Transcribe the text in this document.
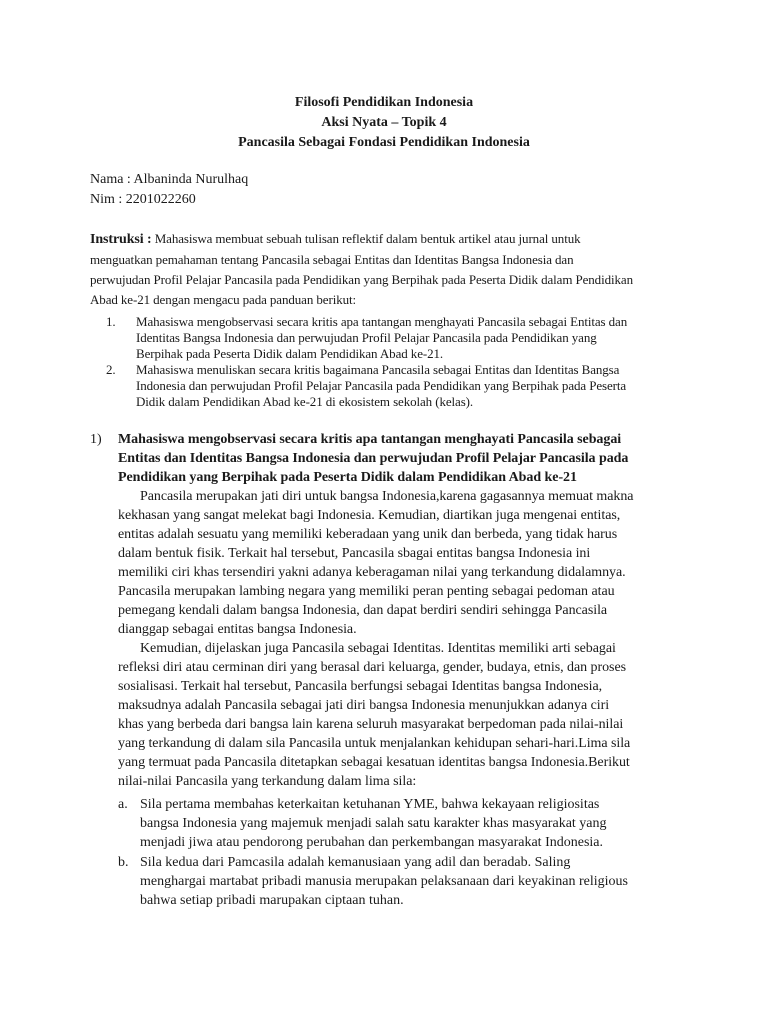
Filosofi Pendidikan Indonesia
Aksi Nyata – Topik 4
Pancasila Sebagai Fondasi Pendidikan Indonesia
Nama : Albaninda Nurulhaq
Nim : 2201022260
Instruksi : Mahasiswa membuat sebuah tulisan reflektif dalam bentuk artikel atau jurnal untuk
menguatkan pemahaman tentang Pancasila sebagai Entitas dan Identitas Bangsa Indonesia dan
perwujudan Profil Pelajar Pancasila pada Pendidikan yang Berpihak pada Peserta Didik dalam Pendidikan
Abad ke-21 dengan mengacu pada panduan berikut:
1. Mahasiswa mengobservasi secara kritis apa tantangan menghayati Pancasila sebagai Entitas dan
Identitas Bangsa Indonesia dan perwujudan Profil Pelajar Pancasila pada Pendidikan yang
Berpihak pada Peserta Didik dalam Pendidikan Abad ke-21.
2. Mahasiswa menuliskan secara kritis bagaimana Pancasila sebagai Entitas dan Identitas Bangsa
Indonesia dan perwujudan Profil Pelajar Pancasila pada Pendidikan yang Berpihak pada Peserta
Didik dalam Pendidikan Abad ke-21 di ekosistem sekolah (kelas).
1) Mahasiswa mengobservasi secara kritis apa tantangan menghayati Pancasila sebagai
Entitas dan Identitas Bangsa Indonesia dan perwujudan Profil Pelajar Pancasila pada
Pendidikan yang Berpihak pada Peserta Didik dalam Pendidikan Abad ke-21
Pancasila merupakan jati diri untuk bangsa Indonesia,karena gagasannya memuat makna
kekhasan yang sangat melekat bagi Indonesia. Kemudian, diartikan juga mengenai entitas,
entitas adalah sesuatu yang memiliki keberadaan yang unik dan berbeda, yang tidak harus
dalam bentuk fisik. Terkait hal tersebut, Pancasila sbagai entitas bangsa Indonesia ini
memiliki ciri khas tersendiri yakni adanya keberagaman nilai yang terkandung didalamnya.
Pancasila merupakan lambing negara yang memiliki peran penting sebagai pedoman atau
pemegang kendali dalam bangsa Indonesia, dan dapat berdiri sendiri sehingga Pancasila
dianggap sebagai entitas bangsa Indonesia.
Kemudian, dijelaskan juga Pancasila sebagai Identitas. Identitas memiliki arti sebagai
refleksi diri atau cerminan diri yang berasal dari keluarga, gender, budaya, etnis, dan proses
sosialisasi. Terkait hal tersebut, Pancasila berfungsi sebagai Identitas bangsa Indonesia,
maksudnya adalah Pancasila sebagai jati diri bangsa Indonesia menunjukkan adanya ciri
khas yang berbeda dari bangsa lain karena seluruh masyarakat berpedoman pada nilai-nilai
yang terkandung di dalam sila Pancasila untuk menjalankan kehidupan sehari-hari.Lima sila
yang termuat pada Pancasila ditetapkan sebagai kesatuan identitas bangsa Indonesia.Berikut
nilai-nilai Pancasila yang terkandung dalam lima sila:
a. Sila pertama membahas keterkaitan ketuhanan YME, bahwa kekayaan religiositas
bangsa Indonesia yang majemuk menjadi salah satu karakter khas masyarakat yang
menjadi jiwa atau pendorong perubahan dan perkembangan masyarakat Indonesia.
b. Sila kedua dari Pamcasila adalah kemanusiaan yang adil dan beradab. Saling
menghargai martabat pribadi manusia merupakan pelaksanaan dari keyakinan religious
bahwa setiap pribadi marupakan ciptaan tuhan.
